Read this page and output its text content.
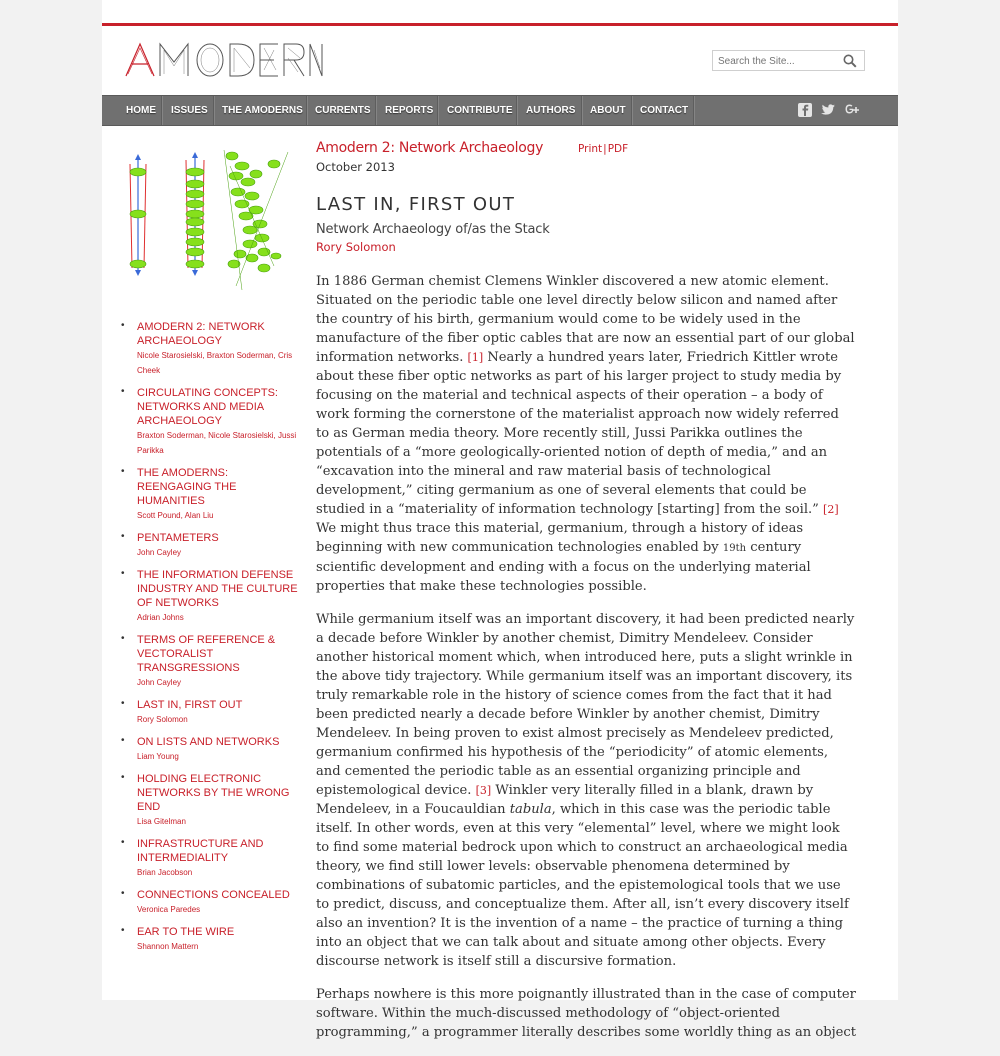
Search the Site...
HOME ISSUES THE AMODERNS CURRENTS REPORTS CONTRIBUTE AUTHORS ABOUT CONTACT
• AMODERN 2: NETWORK ARCHAEOLOGY
Nicole Starosielski, Braxton Soderman, Cris Cheek
• CIRCULATING CONCEPTS: NETWORKS AND MEDIA ARCHAEOLOGY
Braxton Soderman, Nicole Starosielski, Jussi Parikka
• THE AMODERNS: REENGAGING THE HUMANITIES
Scott Pound, Alan Liu
• PENTAMETERS
John Cayley
• THE INFORMATION DEFENSE INDUSTRY AND THE CULTURE OF NETWORKS
Adrian Johns
• TERMS OF REFERENCE & VECTORALIST TRANSGRESSIONS
John Cayley
• LAST IN, FIRST OUT
Rory Solomon
• ON LISTS AND NETWORKS
Liam Young
• HOLDING ELECTRONIC NETWORKS BY THE WRONG END
Lisa Gitelman
• INFRASTRUCTURE AND INTERMEDIALITY
Brian Jacobson
• CONNECTIONS CONCEALED
Veronica Paredes
• EAR TO THE WIRE
Shannon Mattern
Print|PDF
Amodern 2: Network Archaeology
October 2013
LAST IN, FIRST OUT
Network Archaeology of/as the Stack
Rory Solomon

In 1886 German chemist Clemens Winkler discovered a new atomic element. Situated on the periodic table one level directly below silicon and named after the country of his birth, germanium would come to be widely used in the manufacture of the fiber optic cables that are now an essential part of our global information networks. [1] Nearly a hundred years later, Friedrich Kittler wrote about these fiber optic networks as part of his larger project to study media by focusing on the material and technical aspects of their operation – a body of work forming the cornerstone of the materialist approach now widely referred to as German media theory. More recently still, Jussi Parikka outlines the potentials of a “more geologically-oriented notion of depth of media,” and an “excavation into the mineral and raw material basis of technological development,” citing germanium as one of several elements that could be studied in a “materiality of information technology [starting] from the soil.” [2] We might thus trace this material, germanium, through a history of ideas beginning with new communication technologies enabled by 19th century scientific development and ending with a focus on the underlying material properties that make these technologies possible.

While germanium itself was an important discovery, it had been predicted nearly a decade before Winkler by another chemist, Dimitry Mendeleev. Consider another historical moment which, when introduced here, puts a slight wrinkle in the above tidy trajectory. While germanium itself was an important discovery, its truly remarkable role in the history of science comes from the fact that it had been predicted nearly a decade before Winkler by another chemist, Dimitry Mendeleev. In being proven to exist almost precisely as Mendeleev predicted, germanium confirmed his hypothesis of the “periodicity” of atomic elements, and cemented the periodic table as an essential organizing principle and epistemological device. [3] Winkler very literally filled in a blank, drawn by Mendeleev, in a Foucauldian tabula, which in this case was the periodic table itself. In other words, even at this very “elemental” level, where we might look to find some material bedrock upon which to construct an archaeological media theory, we find still lower levels: observable phenomena determined by combinations of subatomic particles, and the epistemological tools that we use to predict, discuss, and conceptualize them. After all, isn’t every discovery itself also an invention? It is the invention of a name – the practice of turning a thing into an object that we can talk about and situate among other objects. Every discourse network is itself still a discursive formation.

Perhaps nowhere is this more poignantly illustrated than in the case of computer software. Within the much-discussed methodology of “object-oriented programming,” a programmer literally describes some worldly thing as an object
